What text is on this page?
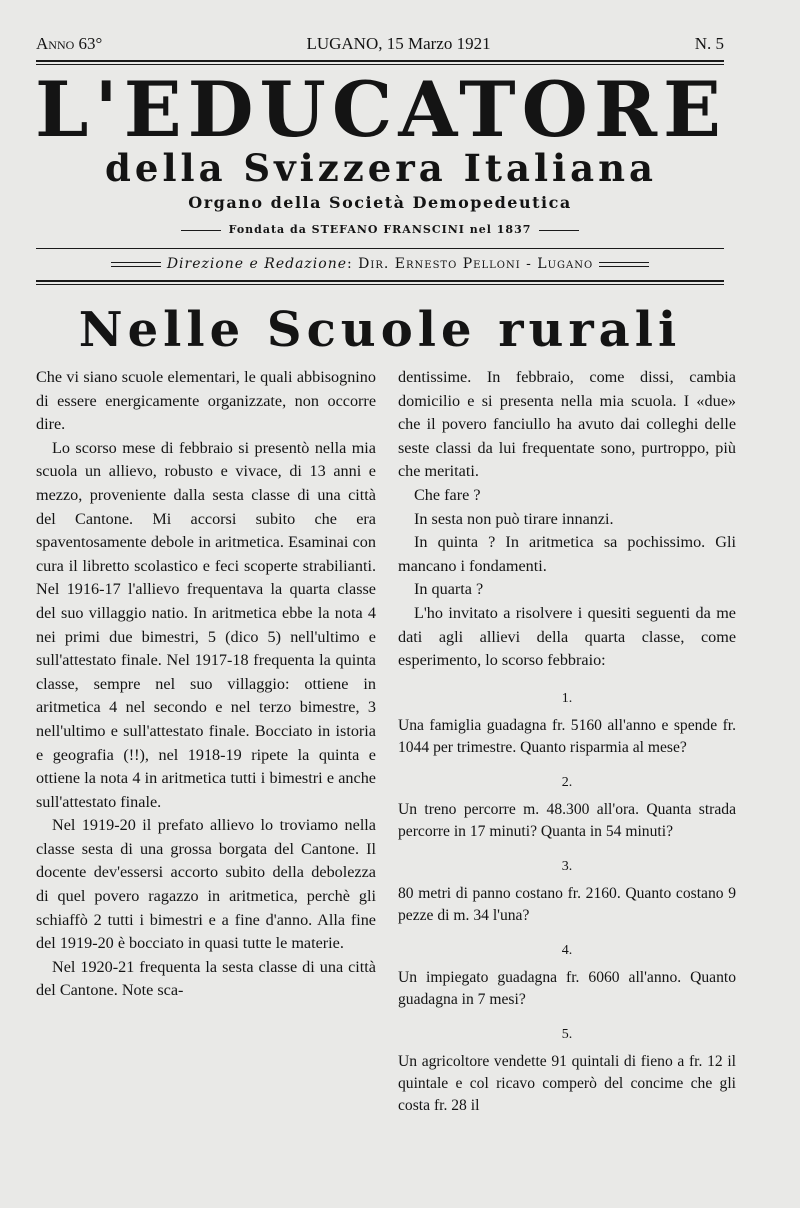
Anno 63°	LUGANO, 15 Marzo 1921	N. 5
L'EDUCATORE
della Svizzera Italiana
Organo della Società Demopedeutica
Fondata da STEFANO FRANSCINI nel 1837
Direzione e Redazione : Dir. Ernesto Pelloni - Lugano
Nelle Scuole rurali

Che vi siano scuole elementari, le quali abbisognino di essere energicamente organizzate, non occorre dire.

Lo scorso mese di febbraio si presentò nella mia scuola un allievo, robusto e vivace, di 13 anni e mezzo, proveniente dalla sesta classe di una città del Cantone. Mi accorsi subito che era spaventosamente debole in aritmetica. Esaminai con cura il libretto scolastico e feci scoperte strabilianti. Nel 1916-17 l'allievo frequentava la quarta classe del suo villaggio natio. In aritmetica ebbe la nota 4 nei primi due bimestri, 5 (dico 5) nell'ultimo e sull'attestato finale. Nel 1917-18 frequenta la quinta classe, sempre nel suo villaggio: ottiene in aritmetica 4 nel secondo e nel terzo bimestre, 3 nell'ultimo e sull'attestato finale. Bocciato in istoria e geografia (!!), nel 1918-19 ripete la quinta e ottiene la nota 4 in aritmetica tutti i bimestri e anche sull'attestato finale.

Nel 1919-20 il prefato allievo lo troviamo nella classe sesta di una grossa borgata del Cantone. Il docente dev'essersi accorto subito della debolezza di quel povero ragazzo in aritmetica, perchè gli schiaffò 2 tutti i bimestri e a fine d'anno. Alla fine del 1919-20 è bocciato in quasi tutte le materie.

Nel 1920-21 frequenta la sesta classe di una città del Cantone. Note sca-

dentissime. In febbraio, come dissi, cambia domicilio e si presenta nella mia scuola. I «due» che il povero fanciullo ha avuto dai colleghi delle seste classi da lui frequentate sono, purtroppo, più che meritati.

Che fare ?

In sesta non può tirare innanzi.

In quinta ? In aritmetica sa pochissimo. Gli mancano i fondamenti.

In quarta ?

L'ho invitato a risolvere i quesiti seguenti da me dati agli allievi della quarta classe, come esperimento, lo scorso febbraio:

1.
Una famiglia guadagna fr. 5160 all'anno e spende fr. 1044 per trimestre. Quanto risparmia al mese?
2.
Un treno percorre m. 48.300 all'ora. Quanta strada percorre in 17 minuti? Quanta in 54 minuti?
3.
80 metri di panno costano fr. 2160. Quanto costano 9 pezze di m. 34 l'una?
4.
Un impiegato guadagna fr. 6060 all'anno. Quanto guadagna in 7 mesi?
5.
Un agricoltore vendette 91 quintali di fieno a fr. 12 il quintale e col ricavo comperò del concime che gli costa fr. 28 il
